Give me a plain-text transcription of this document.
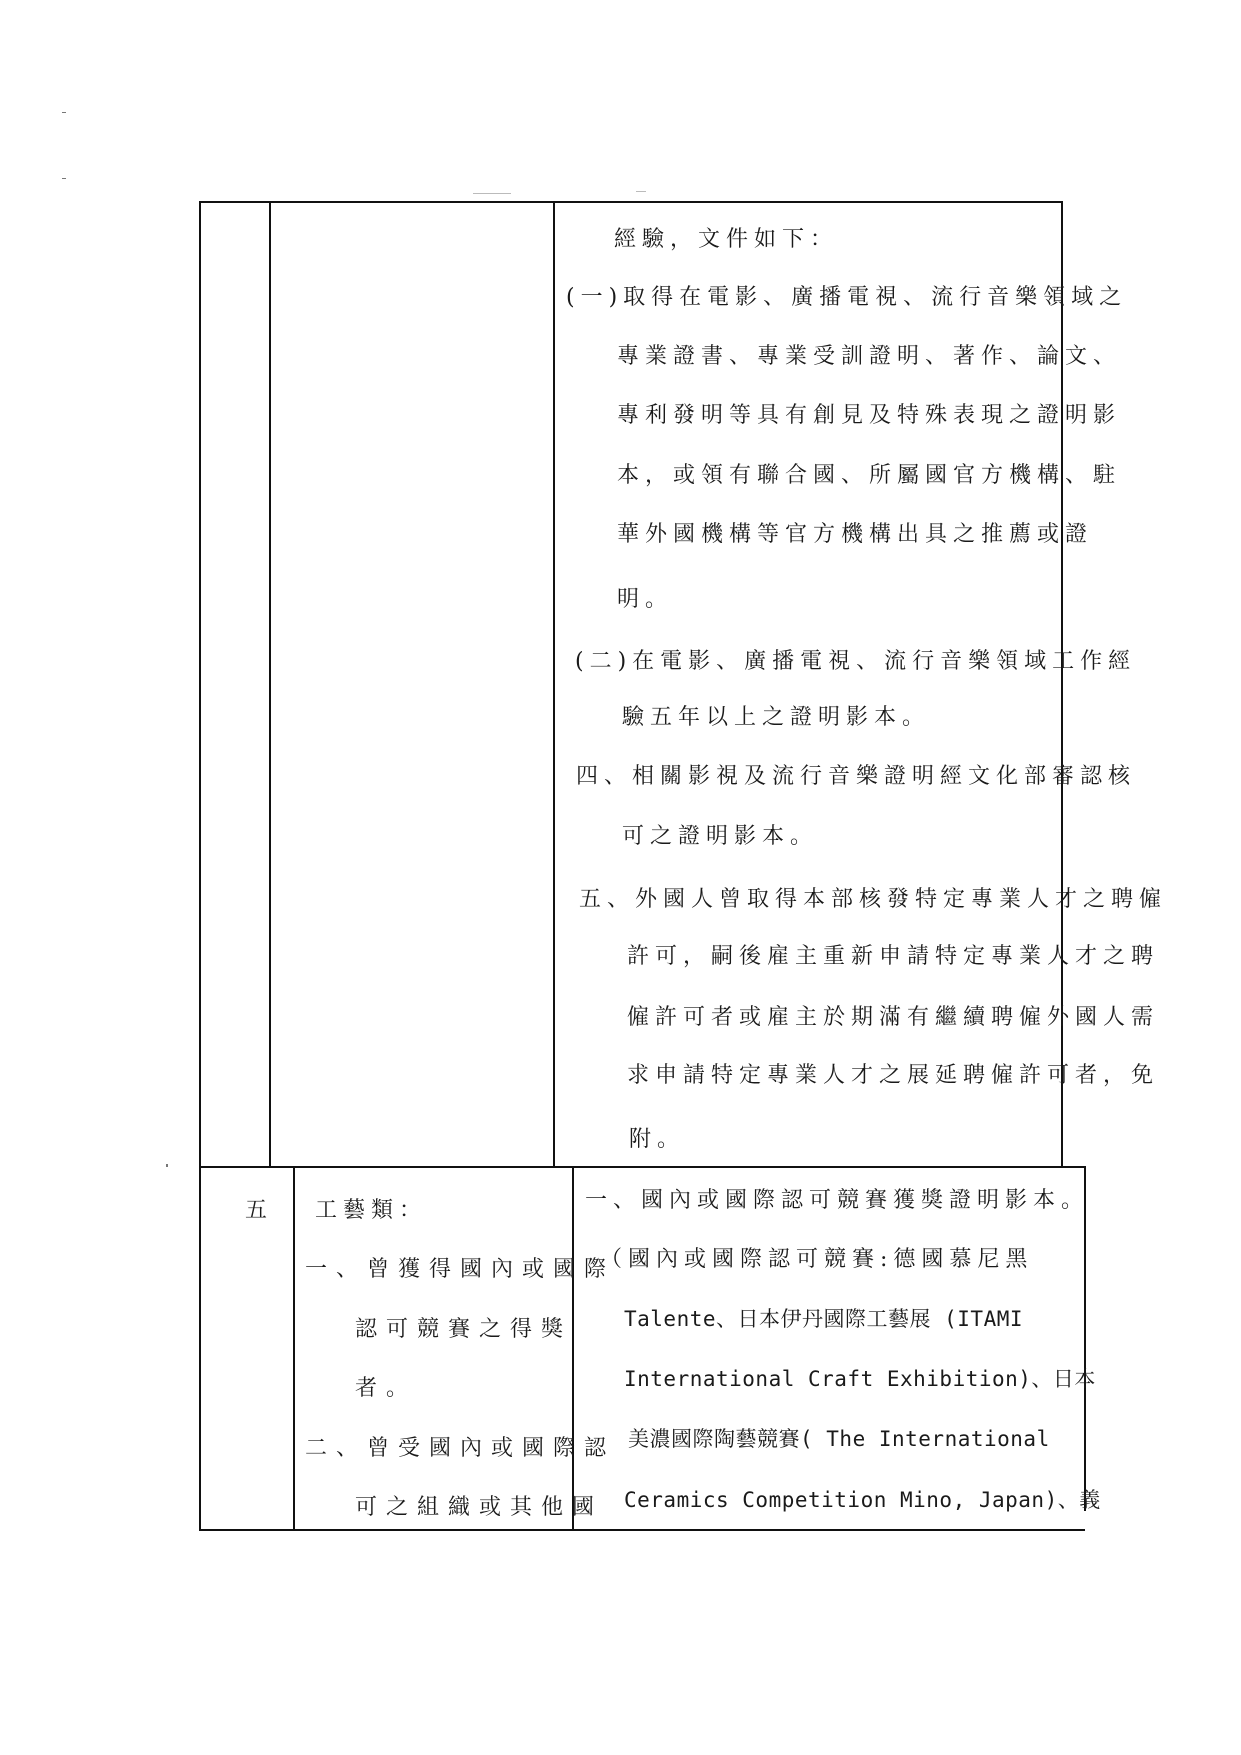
經驗，文件如下：
(一)取得在電影、廣播電視、流行音樂領域之
專業證書、專業受訓證明、著作、論文、
專利發明等具有創見及特殊表現之證明影
本，或領有聯合國、所屬國官方機構、駐
華外國機構等官方機構出具之推薦或證
明。
(二)在電影、廣播電視、流行音樂領域工作經
驗五年以上之證明影本。
四、相關影視及流行音樂證明經文化部審認核
可之證明影本。
五、外國人曾取得本部核發特定專業人才之聘僱
許可，嗣後雇主重新申請特定專業人才之聘
僱許可者或雇主於期滿有繼續聘僱外國人需
求申請特定專業人才之展延聘僱許可者，免
附。
五 工藝類：
一、曾獲得國內或國際
認可競賽之得獎
者。
二、曾受國內或國際認
可之組織或其他國
一、國內或國際認可競賽獲獎證明影本。
（國內或國際認可競賽:德國慕尼黑
Talente、日本伊丹國際工藝展 (ITAMI
International Craft Exhibition)、日本
美濃國際陶藝競賽( The International
Ceramics Competition Mino, Japan)、義
